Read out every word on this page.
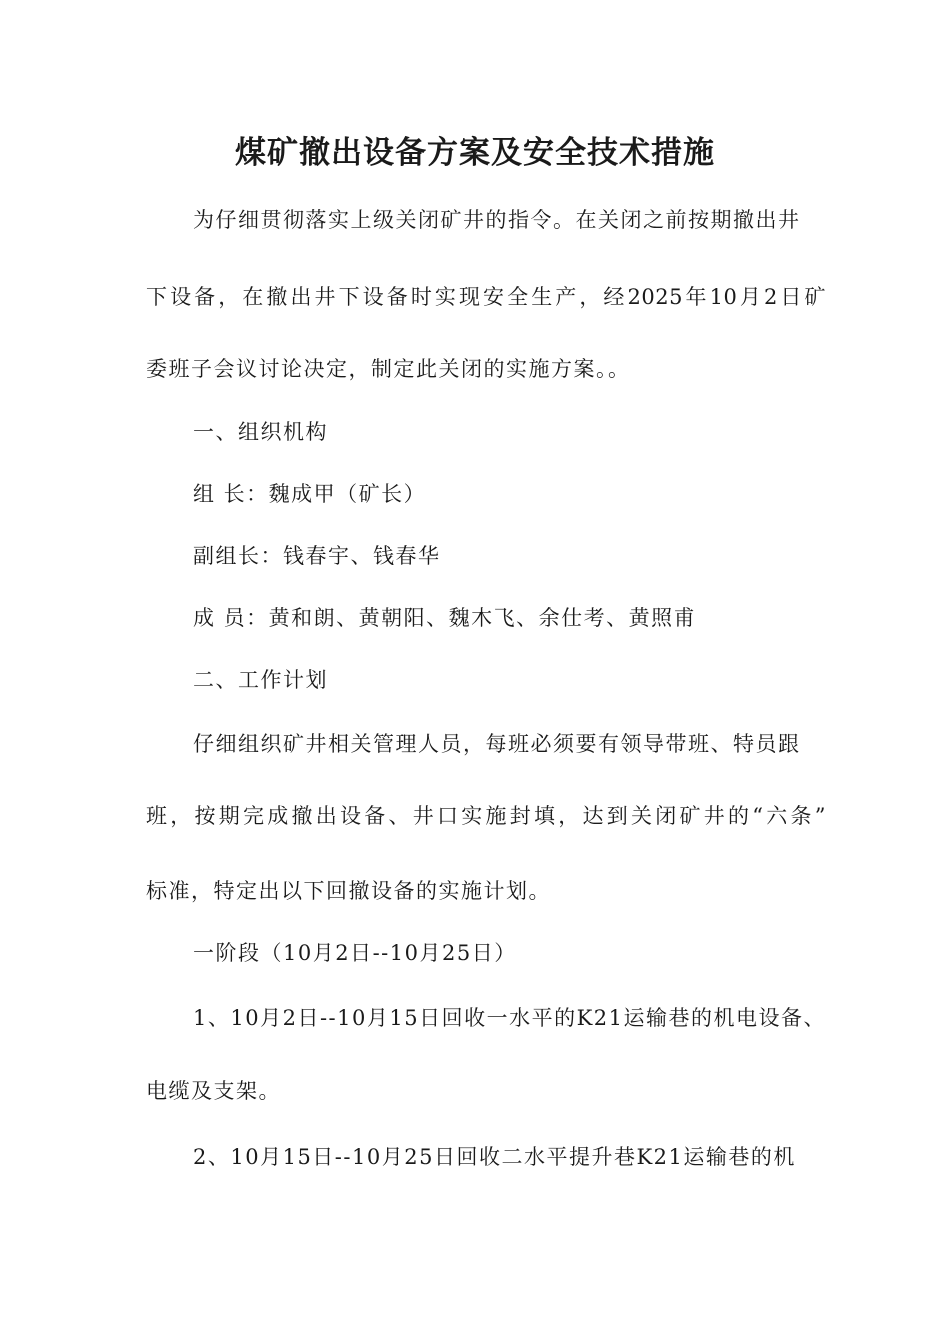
煤矿撤出设备方案及安全技术措施
为仔细贯彻落实上级关闭矿井的指令。在关闭之前按期撤出井
下设备，在撤出井下设备时实现安全生产，经2025年10月2日矿
委班子会议讨论决定，制定此关闭的实施方案。。
一、组织机构
组 长：魏成甲（矿长）
副组长：钱春宇、钱春华
成 员：黄和朗、黄朝阳、魏木飞、余仕考、黄照甫
二、工作计划
仔细组织矿井相关管理人员，每班必须要有领导带班、特员跟
班，按期完成撤出设备、井口实施封填，达到关闭矿井的“六条”
标准，特定出以下回撤设备的实施计划。
一阶段（10月2日--10月25日）
1、10月2日--10月15日回收一水平的K21运输巷的机电设备、
电缆及支架。
2、10月15日--10月25日回收二水平提升巷K21运输巷的机
